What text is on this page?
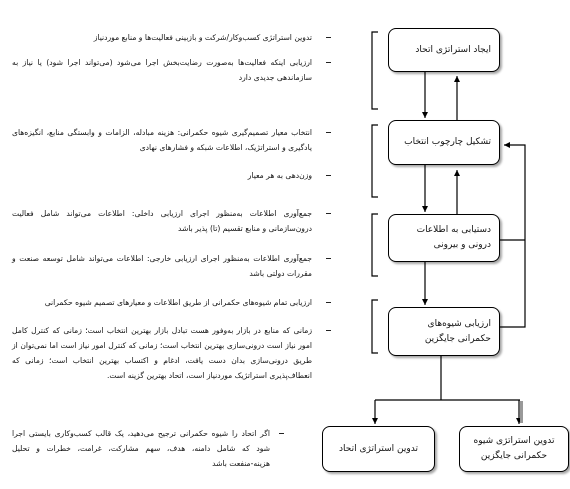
ایجاد استراتژی اتحاد
تشکیل چارچوب انتخاب
دستیابی به اطلاعات درونی و بیرونی
ارزیابی شیوه‌های حکمرانی جایگزین
تدوین استراتژی اتحاد
تدوین استراتژی شیوه حکمرانی جایگزین
تدوین استراتژی کسب‌وکار/شرکت و بازبینی فعالیت‌ها و منابع موردنیاز
ارزیابی اینکه فعالیت‌ها به‌صورت رضایت‌بخش اجرا می‌شود (می‌تواند اجرا شود) یا نیاز به سازماندهی جدیدی دارد
انتخاب معیار تصمیم‌گیری شیوه حکمرانی: هزینه مبادله، الزامات و وابستگی منابع، انگیزه‌های یادگیری و استراتژیک، اطلاعات شبکه و فشارهای نهادی
وزن‌دهی به هر معیار
جمع‌آوری اطلاعات به‌منظور اجرای ارزیابی داخلی: اطلاعات می‌تواند شامل فعالیت درون‌سازمانی و منابع تقسیم (تا) پذیر باشد
جمع‌آوری اطلاعات به‌منظور اجرای ارزیابی خارجی: اطلاعات می‌تواند شامل توسعه صنعت و مقررات دولتی باشد
ارزیابی تمام شیوه‌های حکمرانی از طریق اطلاعات و معیارهای تصمیم شیوه حکمرانی
زمانی که منابع در بازار به‌وفور هست تبادل بازار بهترین انتخاب است؛ زمانی که کنترل کامل امور نیاز است درونی‌سازی بهترین انتخاب است؛ زمانی که کنترل امور نیاز است اما نمی‌توان از طریق درونی‌سازی بدان دست یافت، ادغام و اکتساب بهترین انتخاب است؛ زمانی که انعطاف‌پذیری استراتژیک موردنیاز است، اتحاد بهترین گزینه است.
اگر اتحاد را شیوه حکمرانی ترجیح می‌دهید، یک قالب کسب‌وکاری بایستی اجرا شود که شامل دامنه، هدف، سهم مشارکت، غرامت، خطرات و تحلیل هزینه‑منفعت باشد
